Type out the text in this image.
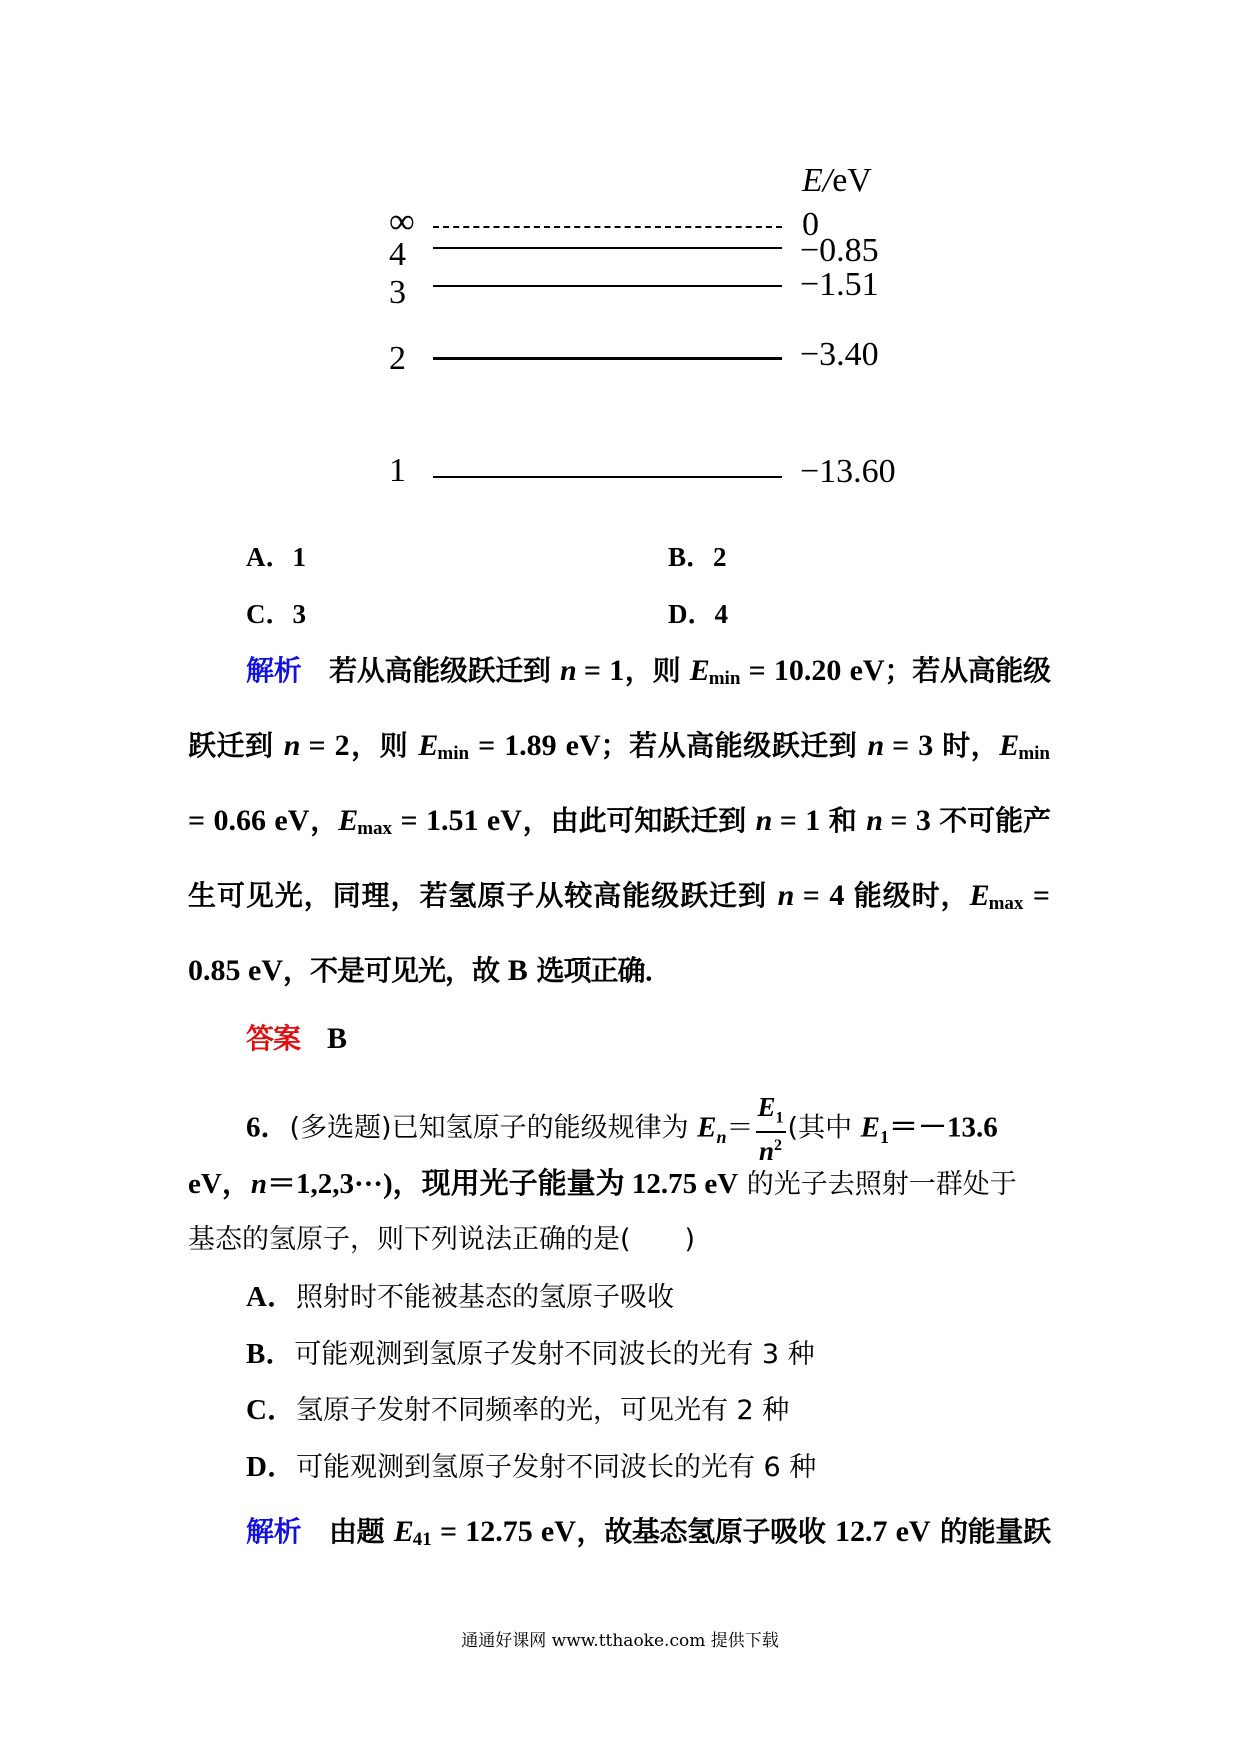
E/eV
∞	0
4	−0.85
3	−1.51
2	−3.40
1	−13.60
A．1	B．2
C．3	D．4
解析　 若从高能级跃迁到 n = 1，则 $E_{min} = 10.20$ eV；若从高能级
跃迁到 n = 2，则 $E_{min} = 1.89$ eV；若从高能级跃迁到 n = 3 时，$E_{min}$
= 0.66 eV，$E_{max} = 1.51$ eV，由此可知跃迁到 n = 1 和 n = 3 不可能产
生可见光，同理，若氢原子从较高能级跃迁到 n = 4 能级时，$E_{max}$ =
0.85 eV，不是可见光，故 B 选项正确．
答案　 B
6．(多选题)已知氢原子的能级规律为 $E_n= \frac{E_1}{n^2}$ (其中 $E_1=-13.6$
eV，n＝1,2,3···)，现用光子能量为 12.75 eV 的光子去照射一群处于
基态的氢原子，则下列说法正确的是(　　)
A．照射时不能被基态的氢原子吸收
B．可能观测到氢原子发射不同波长的光有 3 种
C．氢原子发射不同频率的光，可见光有 2 种
D．可能观测到氢原子发射不同波长的光有 6 种
解析　 由题 $E_{41} = 12.75$ eV，故基态氢原子吸收 12.7 eV 的能量跃
通通好课网 www.tthaoke.com 提供下载
